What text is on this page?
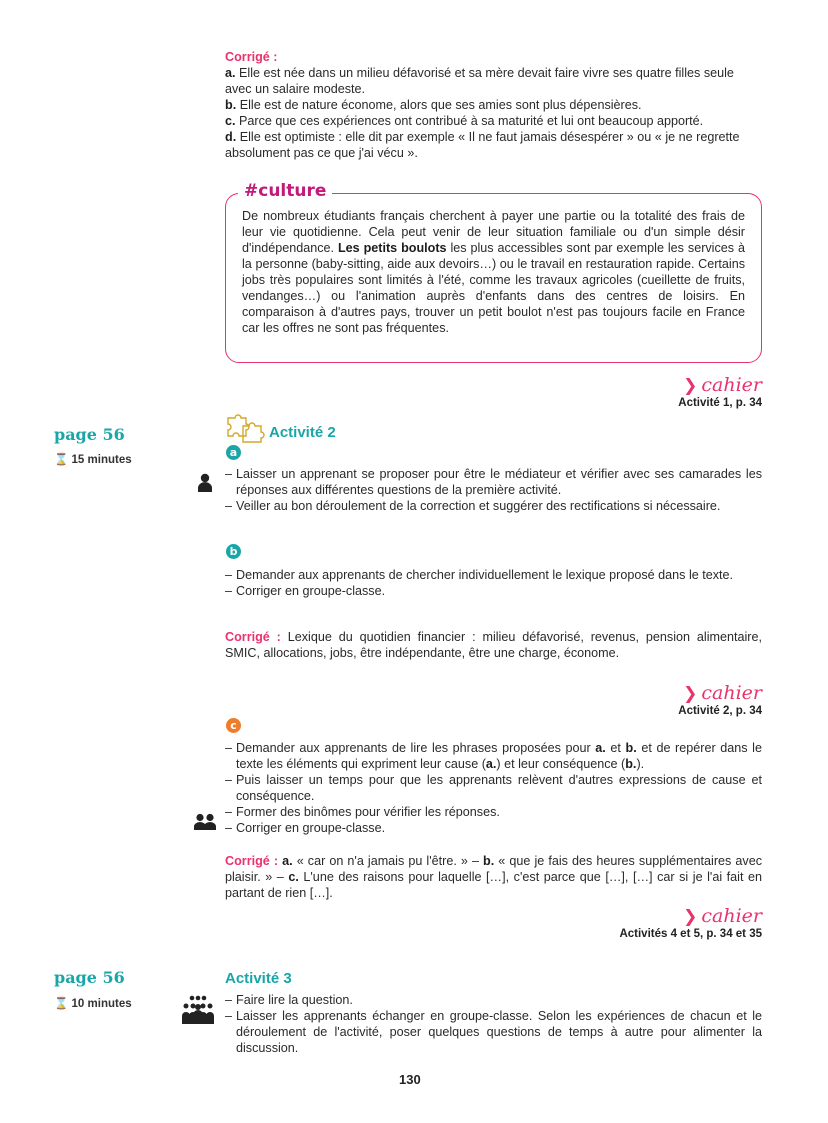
Corrigé :

a. Elle est née dans un milieu défavorisé et sa mère devait faire vivre ses quatre filles seule avec un salaire modeste.

b. Elle est de nature économe, alors que ses amies sont plus dépensières.

c. Parce que ces expériences ont contribué à sa maturité et lui ont beaucoup apporté.

d. Elle est optimiste : elle dit par exemple « Il ne faut jamais désespérer » ou « je ne regrette absolument pas ce que j'ai vécu ».

#culture

De nombreux étudiants français cherchent à payer une partie ou la totalité des frais de leur vie quotidienne. Cela peut venir de leur situation familiale ou d'un simple désir d'indépendance. Les petits boulots les plus accessibles sont par exemple les services à la personne (baby-sitting, aide aux devoirs…) ou le travail en restauration rapide. Certains jobs très populaires sont limités à l'été, comme les travaux agricoles (cueillette de fruits, vendanges…) ou l'animation auprès d'enfants dans des centres de loisirs. En comparaison à d'autres pays, trouver un petit boulot n'est pas toujours facile en France car les offres ne sont pas fréquentes.

❯ cahier
Activité 1, p. 34
page 56
⌛ 15 minutes
Activité 2
a
– Laisser un apprenant se proposer pour être le médiateur et vérifier avec ses camarades les réponses aux différentes questions de la première activité.
– Veiller au bon déroulement de la correction et suggérer des rectifications si nécessaire.
b
– Demander aux apprenants de chercher individuellement le lexique proposé dans le texte.
– Corriger en groupe-classe.
Corrigé : Lexique du quotidien financier : milieu défavorisé, revenus, pension alimentaire, SMIC, allocations, jobs, être indépendante, être une charge, économe.
❯ cahier
Activité 2, p. 34
c
– Demander aux apprenants de lire les phrases proposées pour a. et b. et de repérer dans le texte les éléments qui expriment leur cause (a.) et leur conséquence (b.).
– Puis laisser un temps pour que les apprenants relèvent d'autres expressions de cause et conséquence.
– Former des binômes pour vérifier les réponses.
– Corriger en groupe-classe.
Corrigé : a. « car on n'a jamais pu l'être. » – b. « que je fais des heures supplémentaires avec plaisir. » – c. L'une des raisons pour laquelle […], c'est parce que […], […] car si je l'ai fait en partant de rien […].
❯ cahier
Activités 4 et 5, p. 34 et 35
page 56
⌛ 10 minutes
Activité 3
– Faire lire la question.
– Laisser les apprenants échanger en groupe-classe. Selon les expériences de chacun et le déroulement de l'activité, poser quelques questions de temps à autre pour alimenter la discussion.
130
